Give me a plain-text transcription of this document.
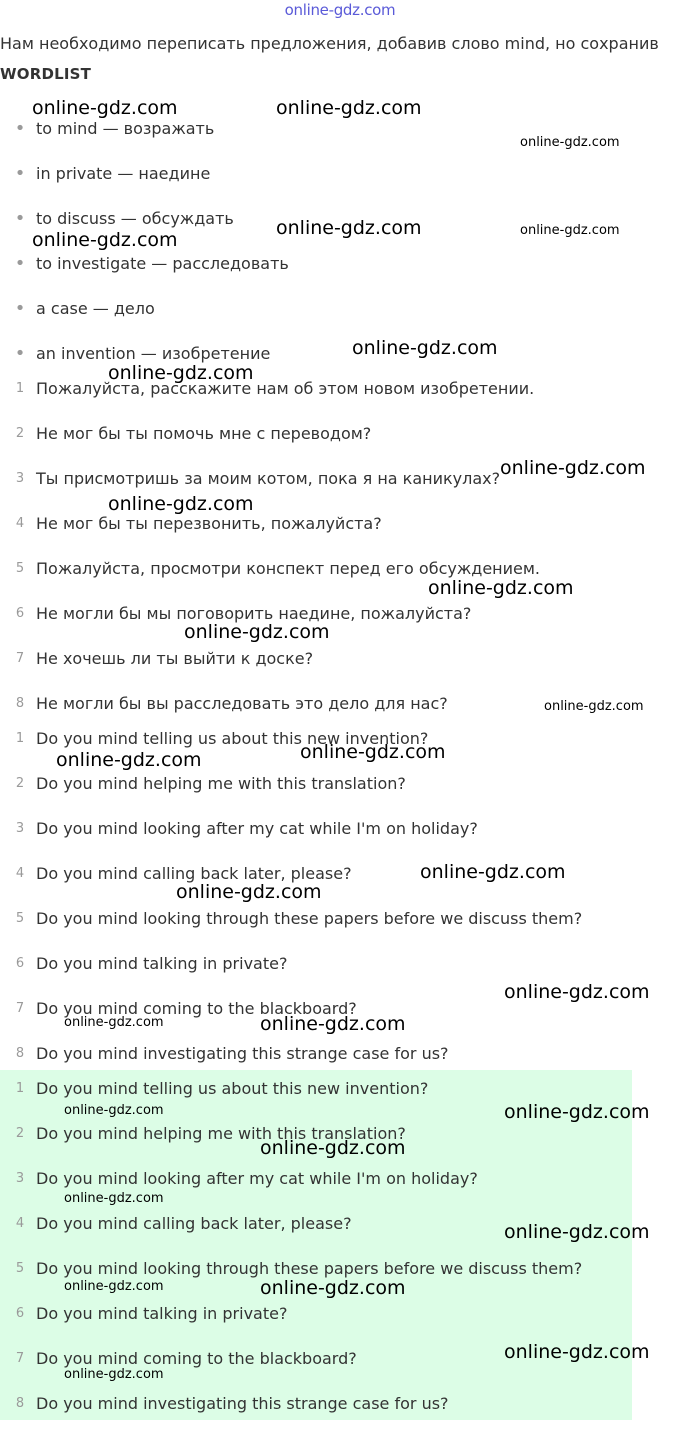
online-gdz.com
Нам необходимо переписать предложения, добавив слово mind, но сохранив
WORDLIST
• to mind — возражать
• in private — наедине
• to discuss — обсуждать
• to investigate — расследовать
• a case — дело
• an invention — изобретение
1 Пожалуйста, расскажите нам об этом новом изобретении.
2 Не мог бы ты помочь мне с переводом?
3 Ты присмотришь за моим котом, пока я на каникулах?
4 Не мог бы ты перезвонить, пожалуйста?
5 Пожалуйста, просмотри конспект перед его обсуждением.
6 Не могли бы мы поговорить наедине, пожалуйста?
7 Не хочешь ли ты выйти к доске?
8 Не могли бы вы расследовать это дело для нас?
1 Do you mind telling us about this new invention?
2 Do you mind helping me with this translation?
3 Do you mind looking after my cat while I'm on holiday?
4 Do you mind calling back later, please?
5 Do you mind looking through these papers before we discuss them?
6 Do you mind talking in private?
7 Do you mind coming to the blackboard?
8 Do you mind investigating this strange case for us?
1 Do you mind telling us about this new invention?
2 Do you mind helping me with this translation?
3 Do you mind looking after my cat while I'm on holiday?
4 Do you mind calling back later, please?
5 Do you mind looking through these papers before we discuss them?
6 Do you mind talking in private?
7 Do you mind coming to the blackboard?
8 Do you mind investigating this strange case for us?
online-gdz.com	online-gdz.com
online-gdz.com
online-gdz.com
online-gdz.com	online-gdz.com
online-gdz.com
online-gdz.com
online-gdz.com
online-gdz.com
online-gdz.com
online-gdz.com
online-gdz.com
online-gdz.com
online-gdz.com
online-gdz.com
online-gdz.com
online-gdz.com
online-gdz.com	online-gdz.com
online-gdz.com	online-gdz.com
online-gdz.com
online-gdz.com
online-gdz.com
online-gdz.com	online-gdz.com
online-gdz.com
online-gdz.com
